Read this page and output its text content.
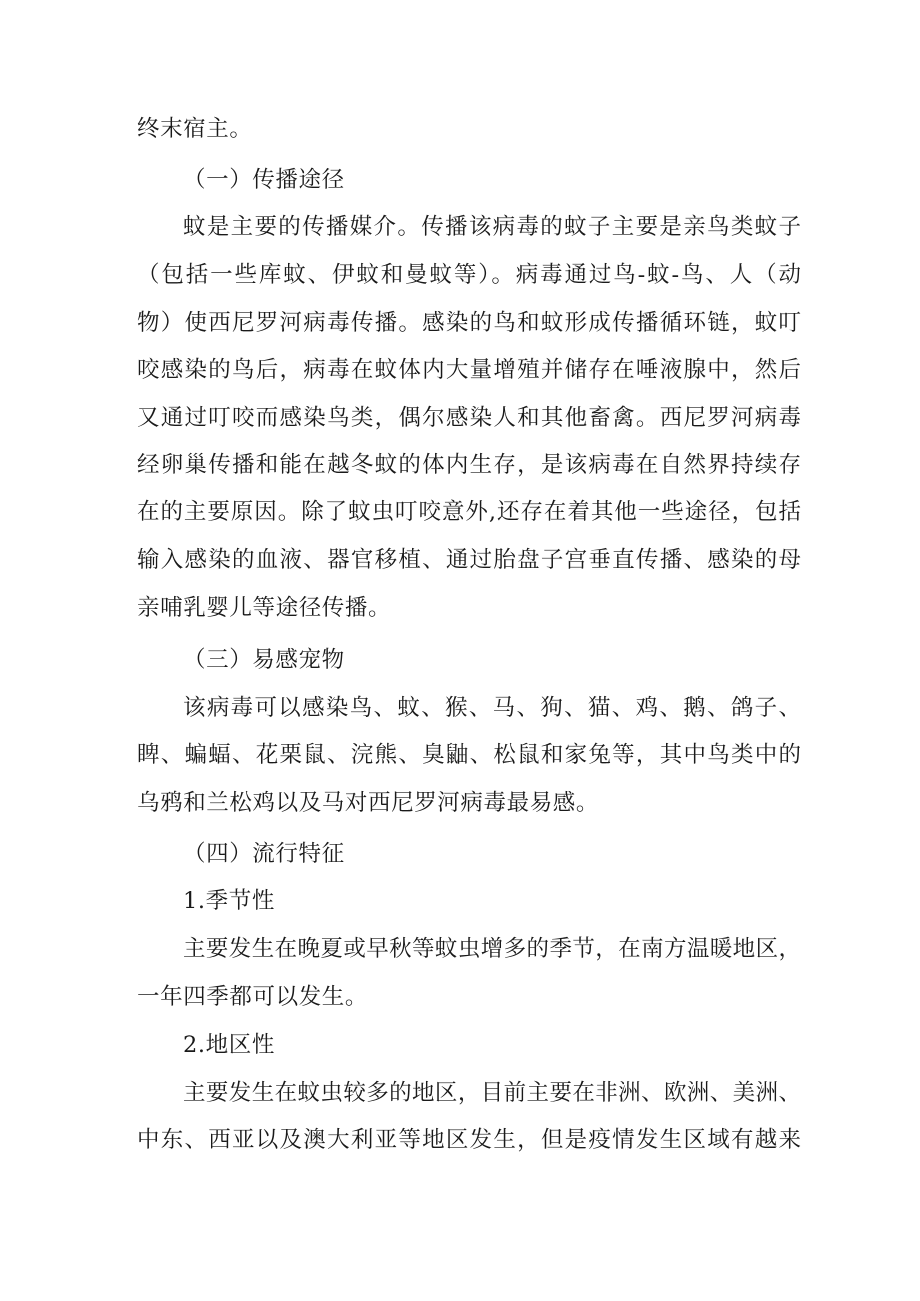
终末宿主。
（一）传播途径
蚊是主要的传播媒介。传播该病毒的蚊子主要是亲鸟类蚊子
（包括一些库蚊、伊蚊和曼蚊等）。病毒通过鸟-蚊-鸟、人（动
物）使西尼罗河病毒传播。感染的鸟和蚊形成传播循环链，蚊叮
咬感染的鸟后，病毒在蚊体内大量增殖并储存在唾液腺中，然后
又通过叮咬而感染鸟类，偶尔感染人和其他畜禽。西尼罗河病毒
经卵巢传播和能在越冬蚊的体内生存，是该病毒在自然界持续存
在的主要原因。除了蚊虫叮咬意外,还存在着其他一些途径，包括
输入感染的血液、器官移植、通过胎盘子宫垂直传播、感染的母
亲哺乳婴儿等途径传播。
（三）易感宠物
该病毒可以感染鸟、蚊、猴、马、狗、猫、鸡、鹅、鸽子、
睥、蝙蝠、花栗鼠、浣熊、臭鼬、松鼠和家兔等，其中鸟类中的
乌鸦和兰松鸡以及马对西尼罗河病毒最易感。
（四）流行特征
1.季节性
主要发生在晚夏或早秋等蚊虫增多的季节，在南方温暖地区，
一年四季都可以发生。
2.地区性
主要发生在蚊虫较多的地区，目前主要在非洲、欧洲、美洲、
中东、西亚以及澳大利亚等地区发生，但是疫情发生区域有越来
